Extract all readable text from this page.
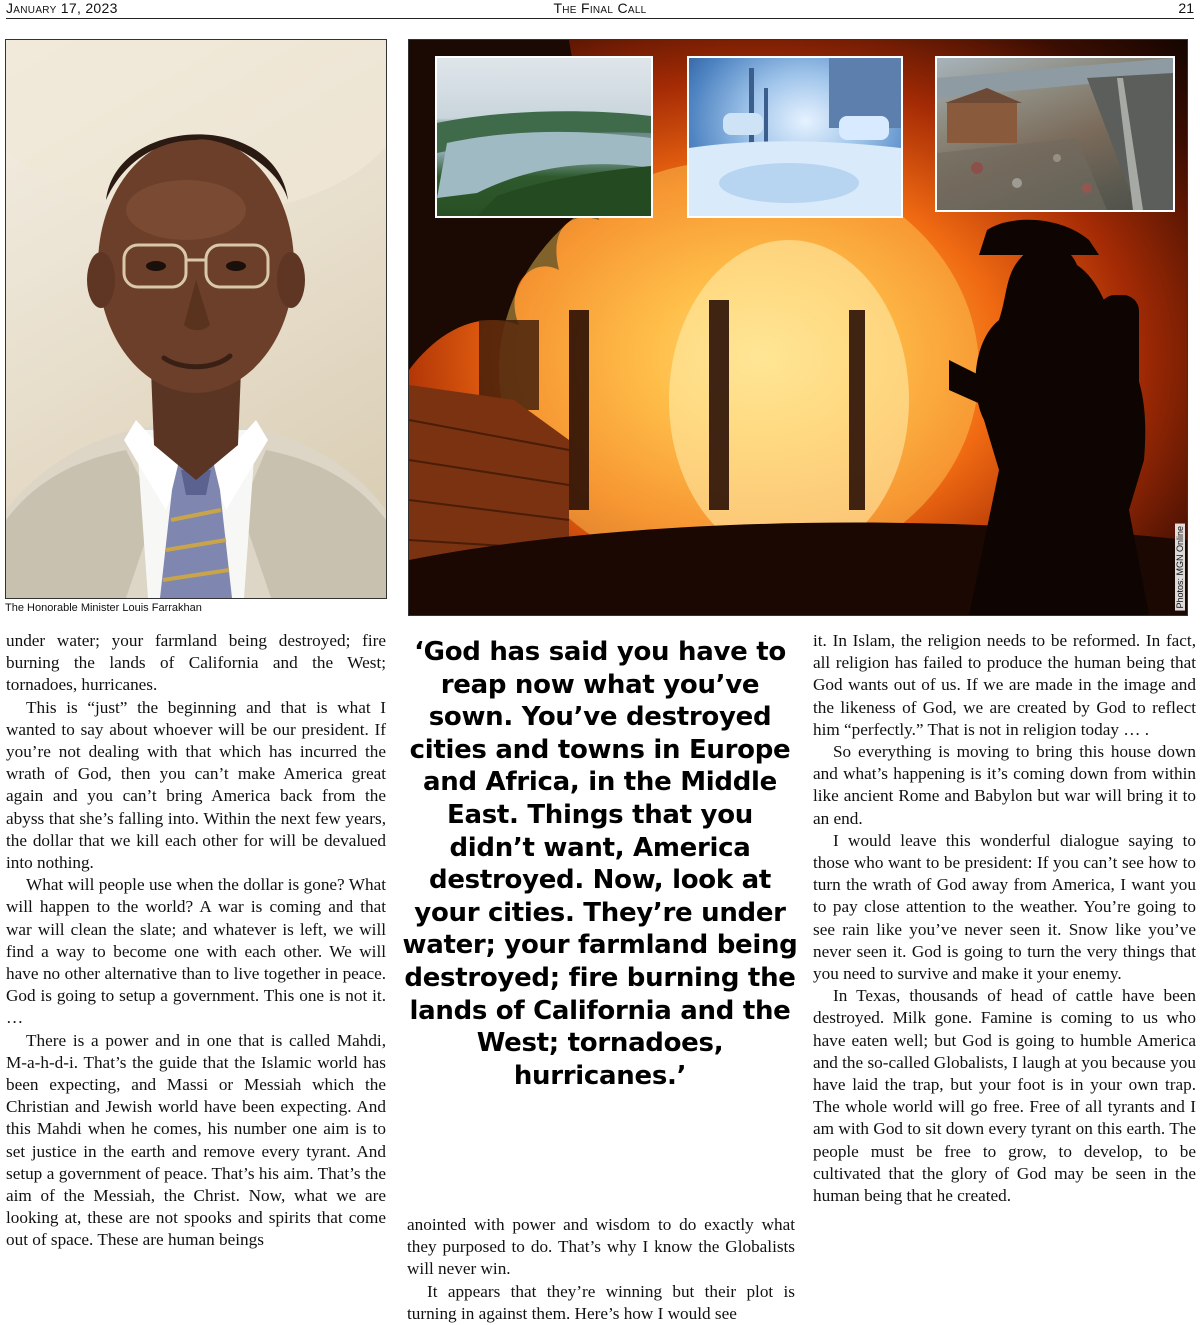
January 17, 2023	The Final Call	21
The Honorable Minister Louis Farrakhan	Photos: MGN Online

under water; your farmland being destroyed; fire burning the lands of California and the West; tornadoes, hurricanes.

This is “just” the beginning and that is what I wanted to say about whoever will be our president. If you’re not dealing with that which has incurred the wrath of God, then you can’t make America great again and you can’t bring America back from the abyss that she’s falling into. Within the next few years, the dollar that we kill each other for will be devalued into nothing.

What will people use when the dollar is gone? What will happen to the world? A war is coming and that war will clean the slate; and whatever is left, we will find a way to become one with each other. We will have no other alternative than to live together in peace. God is going to setup a government. This one is not it. …

There is a power and in one that is called Mahdi, M-a-h-d-i. That’s the guide that the Islamic world has been expecting, and Massi or Messiah which the Christian and Jewish world have been expecting. And this Mahdi when he comes, his number one aim is to set justice in the earth and remove every tyrant. And setup a government of peace. That’s his aim. That’s the aim of the Messiah, the Christ. Now, what we are looking at, these are not spooks and spirits that come out of space. These are human beings

‘God has said you have to reap now what you’ve sown. You’ve destroyed cities and towns in Europe and Africa, in the Middle East. Things that you didn’t want, America destroyed. Now, look at your cities. They’re under water; your farmland being destroyed; fire burning the lands of California and the West; tornadoes, hurricanes.’

anointed with power and wisdom to do exactly what they purposed to do. That’s why I know the Globalists will never win.

It appears that they’re winning but their plot is turning in against them. Here’s how I would see

it. In Islam, the religion needs to be reformed. In fact, all religion has failed to produce the human being that God wants out of us. If we are made in the image and the likeness of God, we are created by God to reflect him “perfectly.” That is not in religion today … .

So everything is moving to bring this house down and what’s happening is it’s coming down from within like ancient Rome and Babylon but war will bring it to an end.

I would leave this wonderful dialogue saying to those who want to be president: If you can’t see how to turn the wrath of God away from America, I want you to pay close attention to the weather. You’re going to see rain like you’ve never seen it. Snow like you’ve never seen it. God is going to turn the very things that you need to survive and make it your enemy.

In Texas, thousands of head of cattle have been destroyed. Milk gone. Famine is coming to us who have eaten well; but God is going to humble America and the so-called Globalists, I laugh at you because you have laid the trap, but your foot is in your own trap. The whole world will go free. Free of all tyrants and I am with God to sit down every tyrant on this earth. The people must be free to grow, to develop, to be cultivated that the glory of God may be seen in the human being that he created.
